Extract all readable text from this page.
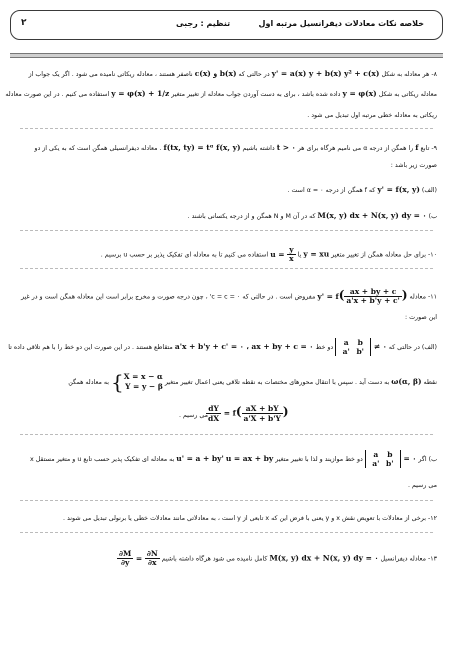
خلاصه نکات معادلات دیفرانسیل مرتبه اول
تنظیم : رجبی
۲
٨- هر معادله به شکل y' = a(x) y + b(x) y² + c(x) در حالتی که c(x) و b(x) ناصفر هستند ، معادله ریکاتی نامیده می شود . اگر یک جواب از
معادله ریکاتی به شکل y = φ(x) داده شده باشد ، برای به دست آوردن جواب معادله از تغییر متغیر y = φ(x) + 1/z استفاده می کنیم . در این صورت معادله
ریکاتی به معادله خطی مرتبه اول تبدیل می شود .
٩- تابع f را همگن از درجه α می نامیم هرگاه برای هر t > ۰ داشته باشیم f(tx, ty) = tᵅ f(x, y) . معادله دیفرانسیلی همگن است که به یکی از دو
صورت زیر باشد :
(الف) y' = f(x, y) که f همگن از درجه ۰ = α است .
ب) M(x, y) dx + N(x, y) dy = ۰ که در آن M و N همگن و از درجه یکسانی باشند .
١٠- برای حل معادله همگن از تغییر متغیر y = xu یا $u = \frac{y}{x}$
استفاده می کنیم تا به معادله ای تفکیک پذیر بر حسب u برسیم .
١١- معادله $y' = f( \frac{ax + by + c}{a'x + b'y + c'}$ ) مفروض است . در حالتی که ۰ = c = c' ، چون درجه صورت و مخرج برابر است این معادله همگن است و در غیر
این صورت :
(الف) در حالتی که a b
a' b' ≠ ۰ دو خط a'x + b'y + c' = ۰ ، ax + by + c = ۰ متقاطع هستند . در این صورت این دو خط را با هم تلاقی داده تا
نقطه ω(α, β) به دست آید . سپس با انتقال محورهای مختصات به نقطه تلاقی یعنی اعمال تغییر متغیر {X = x − α
Y = y − β به معادله همگن
$\frac{dY}{dX} = f( \frac{aX + bY}{a'X + b'Y}$ )
می رسیم .
ب) اگر a b
a' b' = ۰ دو خط موازیند و لذا با تغییر متغیر u' = a + by' u = ax + by به معادله ای تفکیک پذیر حسب تابع u و متغیر مستقل x
می رسیم .
١٢- برخی از معادلات با تعویض نقش x و y یعنی با فرض این که x تابعی از y است ، به معادلاتی مانند معادلات خطی یا برنولی تبدیل می شوند .
١٣- معادله دیفرانسیل M(x, y) dx + N(x, y) dy = ۰ کامل نامیده می شود هرگاه داشته باشیم
$\frac{\partial M}{\partial y} = \frac{\partial N}{\partial x}$
